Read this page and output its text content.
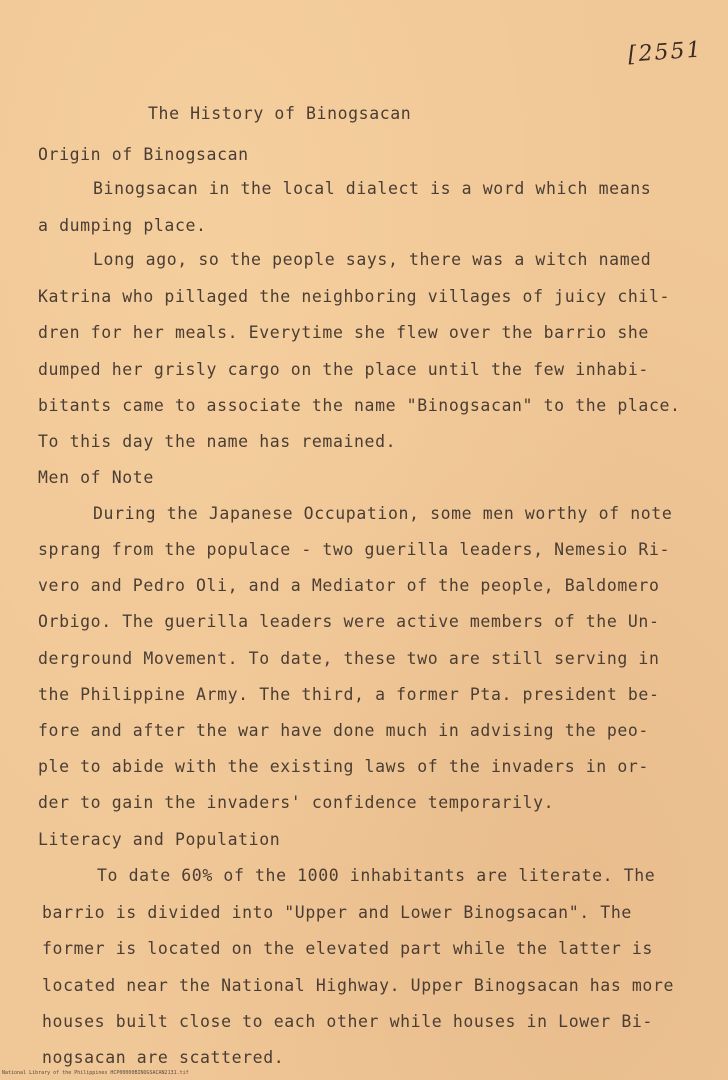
[2551
The History of Binogsacan
Origin of Binogsacan
Binogsacan in the local dialect is a word which means
a dumping place.
Long ago, so the people says, there was a witch named
Katrina who pillaged the neighboring villages of juicy chil-
dren for her meals. Everytime she flew over the barrio she
dumped her grisly cargo on the place until the few inhabi-
bitants came to associate the name "Binogsacan" to the place.
To this day the name has remained.
Men of Note
During the Japanese Occupation, some men worthy of note
sprang from the populace - two guerilla leaders, Nemesio Ri-
vero and Pedro Oli, and a Mediator of the people, Baldomero
Orbigo. The guerilla leaders were active members of the Un-
derground Movement. To date, these two are still serving in
the Philippine Army. The third, a former Pta. president be-
fore and after the war have done much in advising the peo-
ple to abide with the existing laws of the invaders in or-
der to gain the invaders' confidence temporarily.
Literacy and Population
To date 60% of the 1000 inhabitants are literate. The
barrio is divided into "Upper and Lower Binogsacan". The
former is located on the elevated part while the latter is
located near the National Highway. Upper Binogsacan has more
houses built close to each other while houses in Lower Bi-
nogsacan are scattered.
National Library of the Philippines HCP00000BINOGSACAN2131.tif
